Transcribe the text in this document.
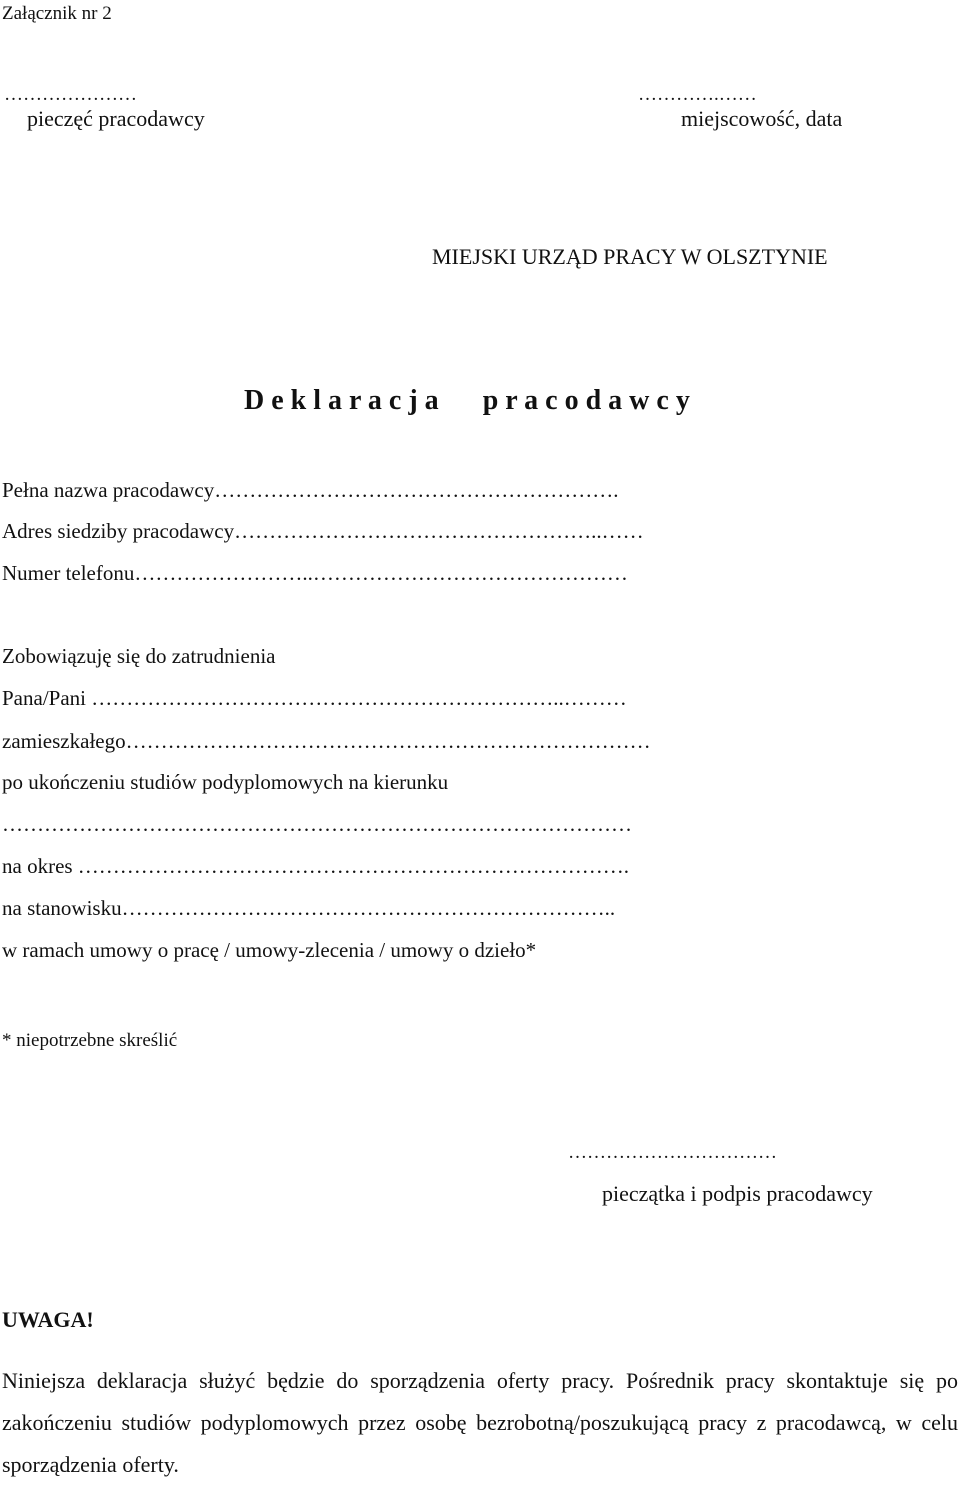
Załącznik nr 2
…………………
pieczęć pracodawcy
………….……
miejscowość, data
MIEJSKI URZĄD PRACY W OLSZTYNIE
D e k l a r a c j a p r a c o d a w c y
Pełna nazwa pracodawcy………………………………………………….
Adres siedziby pracodawcy……………………………………………..……
Numer telefonu……………………..………………………………………
Zobowiązuję się do zatrudnienia
Pana/Pani …………………………………………………………..………
zamieszkałego…………………………………………………………………
po ukończeniu studiów podyplomowych na kierunku
………………………………………………………………………………
na okres …………………………………………………………………….
na stanowisku……………………………………………………………..
w ramach umowy o pracę / umowy-zlecenia / umowy o dzieło*
* niepotrzebne skreślić
……………………………
pieczątka i podpis pracodawcy
UWAGA!
Niniejsza deklaracja służyć będzie do sporządzenia oferty pracy. Pośrednik pracy skontaktuje się po zakończeniu studiów podyplomowych przez osobę bezrobotną/poszukującą pracy z pracodawcą, w celu sporządzenia oferty.
